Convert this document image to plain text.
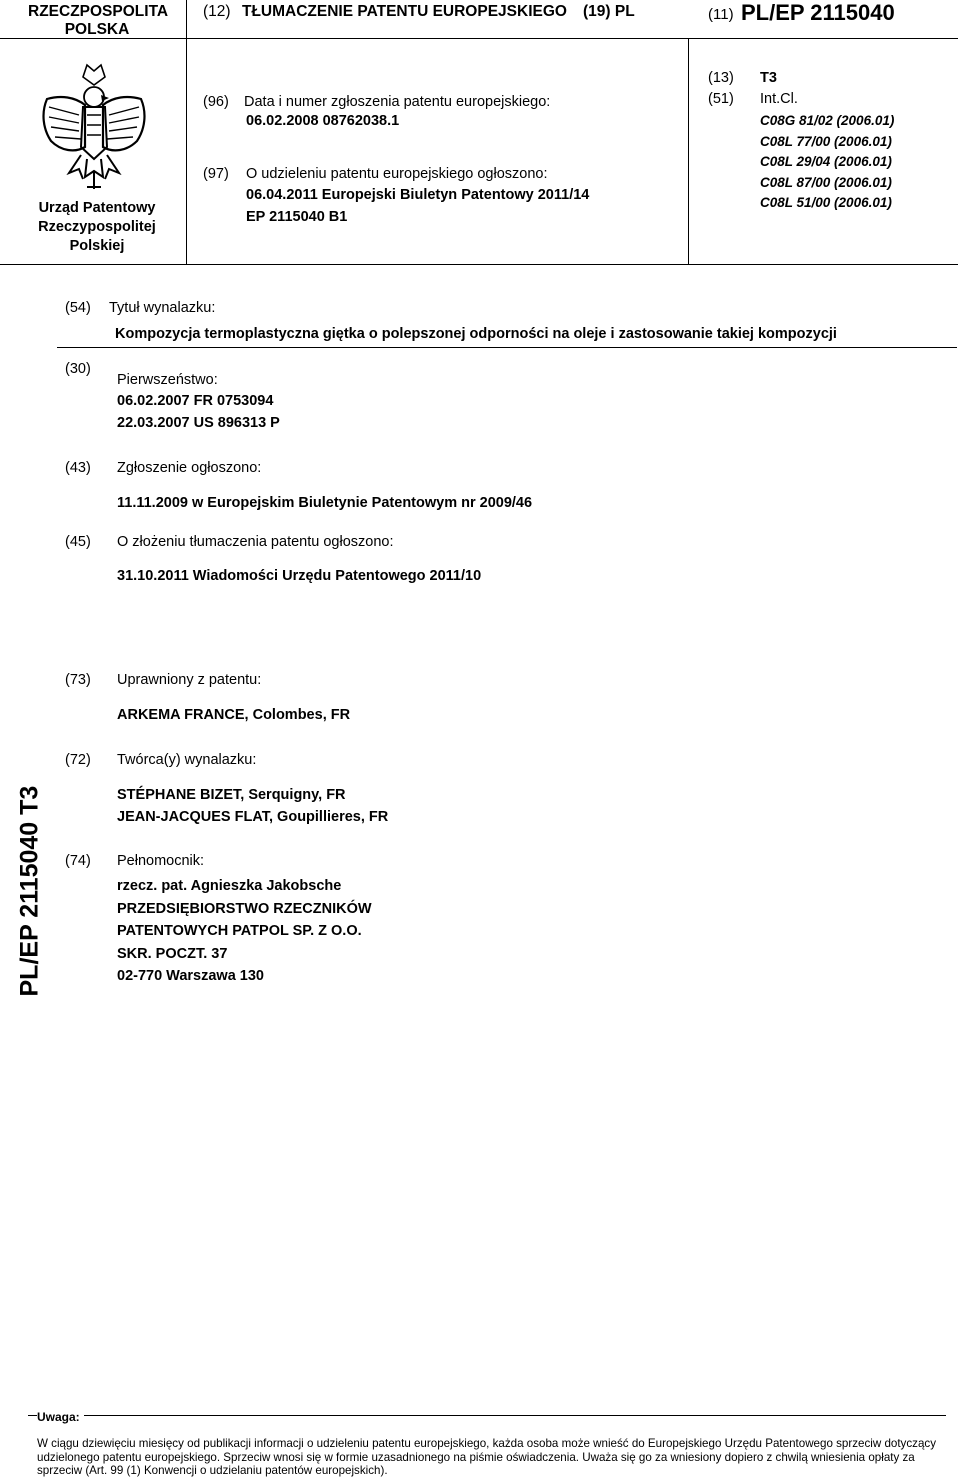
RZECZPOSPOLITA
POLSKA
(12) TŁUMACZENIE PATENTU EUROPEJSKIEGO (19) PL	(11) PL/EP 2115040
Urząd Patentowy
Rzeczypospolitej
Polskiej
(96) Data i numer zgłoszenia patentu europejskiego:
06.02.2008 08762038.1
(97) O udzieleniu patentu europejskiego ogłoszono:
06.04.2011 Europejski Biuletyn Patentowy 2011/14
EP 2115040 B1
(13) T3
(51) Int.Cl.
C08G 81/02 (2006.01)
C08L 77/00 (2006.01)
C08L 29/04 (2006.01)
C08L 87/00 (2006.01)
C08L 51/00 (2006.01)
(54) Tytuł wynalazku:
Kompozycja termoplastyczna giętka o polepszonej odporności na oleje i zastosowanie takiej kompozycji
(30)
Pierwszeństwo:
06.02.2007 FR 0753094
22.03.2007 US 896313 P
(43) Zgłoszenie ogłoszono:
11.11.2009 w Europejskim Biuletynie Patentowym nr 2009/46
(45) O złożeniu tłumaczenia patentu ogłoszono:
31.10.2011 Wiadomości Urzędu Patentowego 2011/10
(73) Uprawniony z patentu:
ARKEMA FRANCE, Colombes, FR
(72) Twórca(y) wynalazku:
STÉPHANE BIZET, Serquigny, FR
JEAN-JACQUES FLAT, Goupillieres, FR
(74) Pełnomocnik:
rzecz. pat. Agnieszka Jakobsche
PRZEDSIĘBIORSTWO RZECZNIKÓW
PATENTOWYCH PATPOL SP. Z O.O.
SKR. POCZT. 37
02-770 Warszawa 130
PL/EP 2115040 T3
Uwaga:
W ciągu dziewięciu miesięcy od publikacji informacji o udzieleniu patentu europejskiego, każda osoba może wnieść do Europejskiego Urzędu Patentowego sprzeciw dotyczący
udzielonego patentu europejskiego. Sprzeciw wnosi się w formie uzasadnionego na piśmie oświadczenia. Uważa się go za wniesiony dopiero z chwilą wniesienia opłaty za
sprzeciw (Art. 99 (1) Konwencji o udzielaniu patentów europejskich).
